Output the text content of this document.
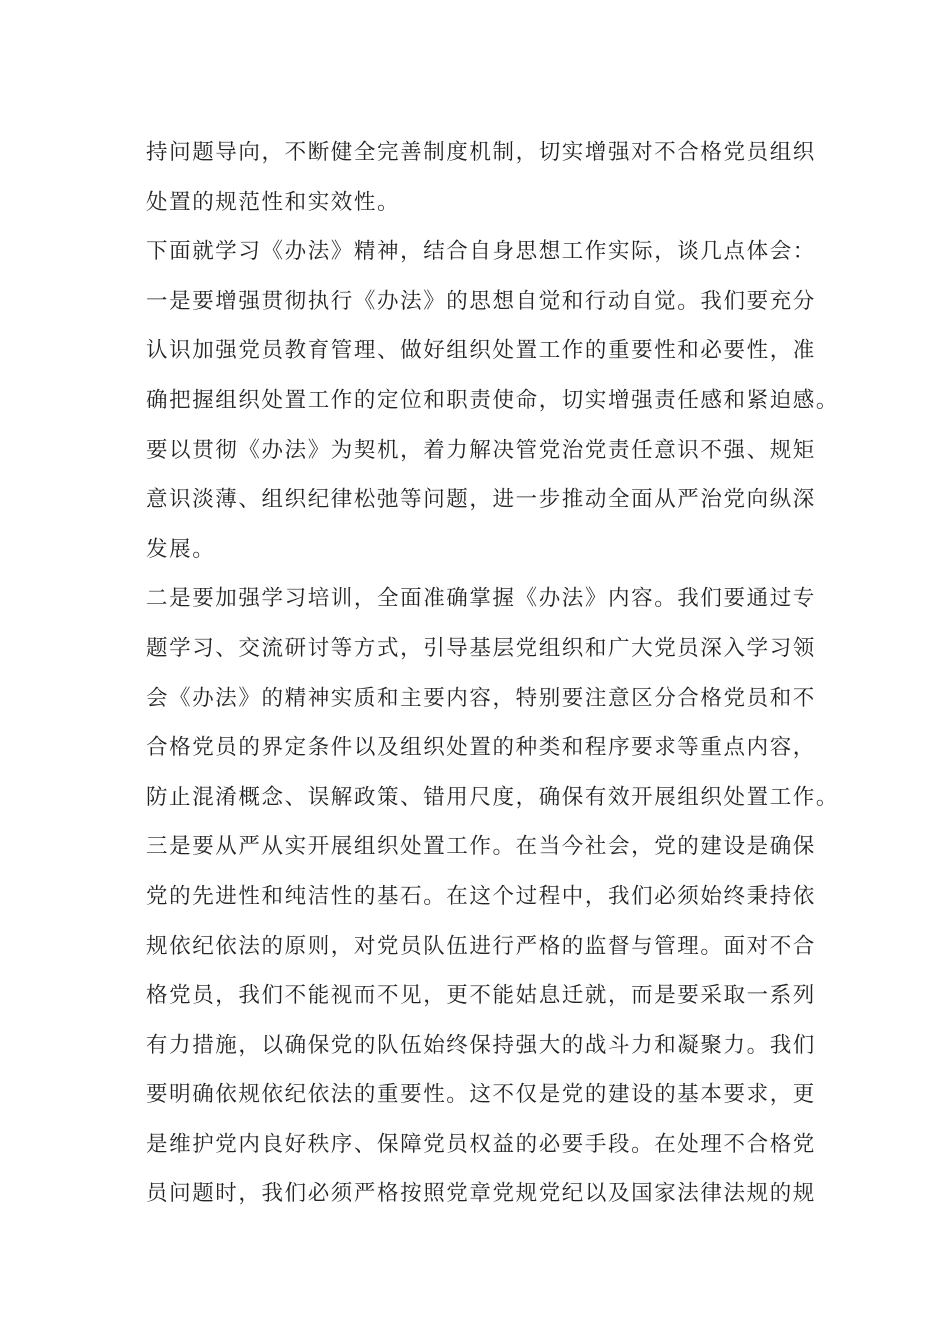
持问题导向，不断健全完善制度机制，切实增强对不合格党员组织
处置的规范性和实效性。
下面就学习《办法》精神，结合自身思想工作实际，谈几点体会：
一是要增强贯彻执行《办法》的思想自觉和行动自觉。我们要充分
认识加强党员教育管理、做好组织处置工作的重要性和必要性，准
确把握组织处置工作的定位和职责使命，切实增强责任感和紧迫感。
要以贯彻《办法》为契机，着力解决管党治党责任意识不强、规矩
意识淡薄、组织纪律松弛等问题，进一步推动全面从严治党向纵深
发展。
二是要加强学习培训，全面准确掌握《办法》内容。我们要通过专
题学习、交流研讨等方式，引导基层党组织和广大党员深入学习领
会《办法》的精神实质和主要内容，特别要注意区分合格党员和不
合格党员的界定条件以及组织处置的种类和程序要求等重点内容，
防止混淆概念、误解政策、错用尺度，确保有效开展组织处置工作。
三是要从严从实开展组织处置工作。在当今社会，党的建设是确保
党的先进性和纯洁性的基石。在这个过程中，我们必须始终秉持依
规依纪依法的原则，对党员队伍进行严格的监督与管理。面对不合
格党员，我们不能视而不见，更不能姑息迁就，而是要采取一系列
有力措施，以确保党的队伍始终保持强大的战斗力和凝聚力。我们
要明确依规依纪依法的重要性。这不仅是党的建设的基本要求，更
是维护党内良好秩序、保障党员权益的必要手段。在处理不合格党
员问题时，我们必须严格按照党章党规党纪以及国家法律法规的规
